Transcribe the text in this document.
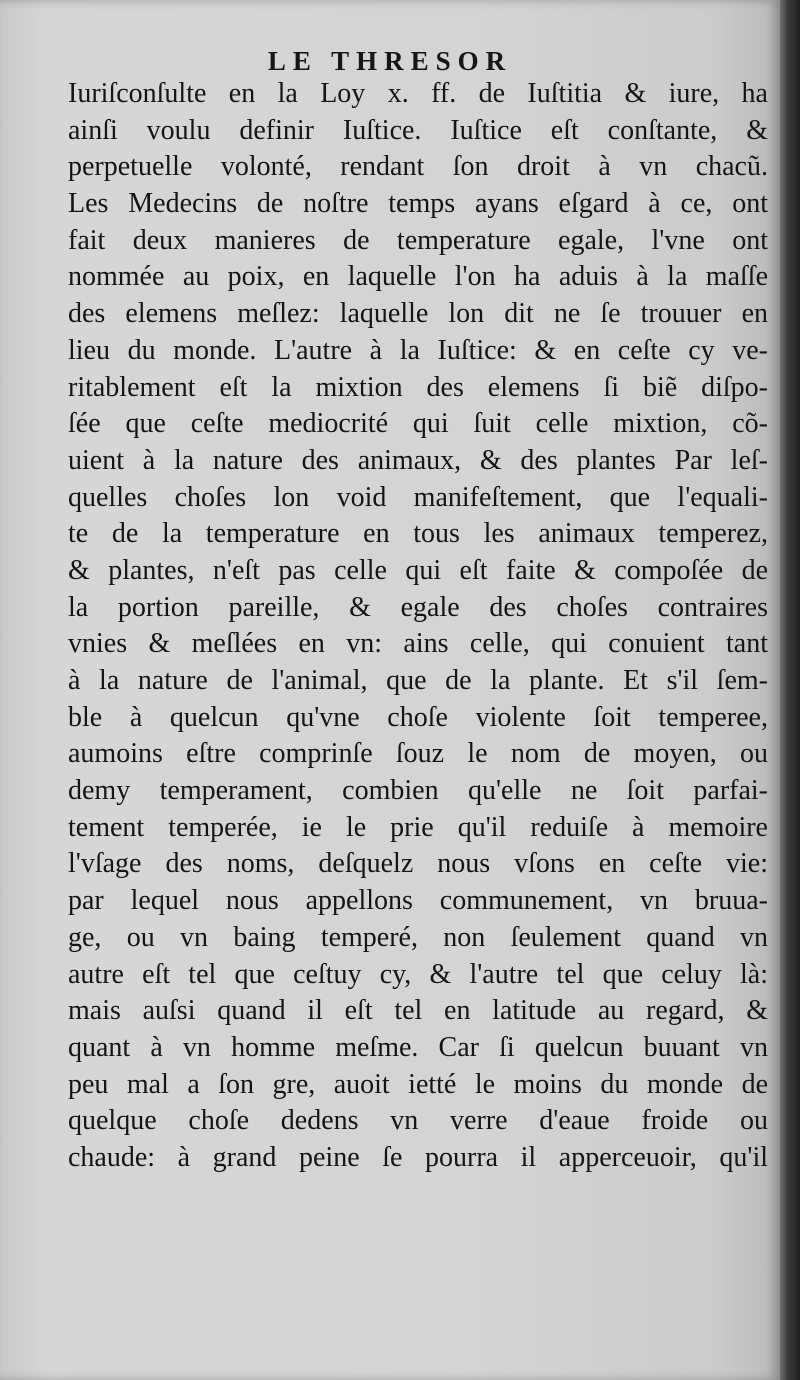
LE THRESOR
Iuriſconſulte en la Loy x. ff. de Iuſtitia & iure, ha
ainſi voulu definir Iuſtice. Iuſtice eſt conſtante, &
perpetuelle volonté, rendant ſon droit à vn chacũ.
Les Medecins de noſtre temps ayans eſgard à ce, ont
fait deux manieres de temperature egale, l'vne ont
nommée au poix, en laquelle l'on ha aduis à la maſſe
des elemens meſlez: laquelle lon dit ne ſe trouuer en
lieu du monde. L'autre à la Iuſtice: & en ceſte cy ve-
ritablement eſt la mixtion des elemens ſi biẽ diſpo-
ſée que ceſte mediocrité qui ſuit celle mixtion, cõ-
uient à la nature des animaux, & des plantes Par leſ-
quelles choſes lon void manifeſtement, que l'equali-
te de la temperature en tous les animaux temperez,
& plantes, n'eſt pas celle qui eſt faite & compoſée de
la portion pareille, & egale des choſes contraires
vnies & meſlées en vn: ains celle, qui conuient tant
à la nature de l'animal, que de la plante. Et s'il ſem-
ble à quelcun qu'vne choſe violente ſoit temperee,
aumoins eſtre comprinſe ſouz le nom de moyen, ou
demy temperament, combien qu'elle ne ſoit parfai-
tement temperée, ie le prie qu'il reduiſe à memoire
l'vſage des noms, deſquelz nous vſons en ceſte vie:
par lequel nous appellons communement, vn bruua-
ge, ou vn baing temperé, non ſeulement quand vn
autre eſt tel que ceſtuy cy, & l'autre tel que celuy là:
mais auſsi quand il eſt tel en latitude au regard, &
quant à vn homme meſme. Car ſi quelcun buuant vn
peu mal a ſon gre, auoit ietté le moins du monde de
quelque choſe dedens vn verre d'eaue froide ou
chaude: à grand peine ſe pourra il apperceuoir, qu'il
